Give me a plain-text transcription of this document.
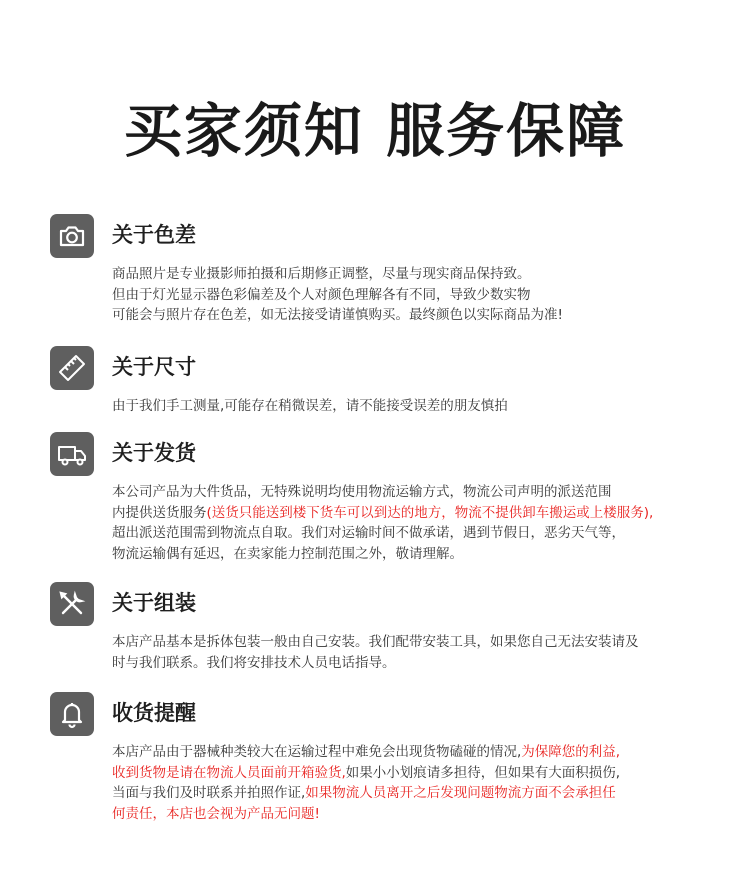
买家须知 服务保障
关于色差
商品照片是专业摄影师拍摄和后期修正调整，尽量与现实商品保持致。
但由于灯光显示器色彩偏差及个人对颜色理解各有不同，导致少数实物
可能会与照片存在色差，如无法接受请谨慎购买。最终颜色以实际商品为准!
关于尺寸
由于我们手工测量,可能存在稍微误差，请不能接受误差的朋友慎拍
关于发货
本公司产品为大件货品，无特殊说明均使用物流运输方式，物流公司声明的派送范围
内提供送货服务(送货只能送到楼下货车可以到达的地方，物流不提供卸车搬运或上楼服务),
超出派送范围需到物流点自取。我们对运输时间不做承诺，遇到节假日，恶劣天气等，
物流运输偶有延迟，在卖家能力控制范围之外，敬请理解。
关于组装
本店产品基本是拆体包装一般由自己安装。我们配带安装工具，如果您自己无法安装请及
时与我们联系。我们将安排技术人员电话指导。
收货提醒
本店产品由于器械种类较大在运输过程中难免会出现货物磕碰的情况,为保障您的利益,
收到货物是请在物流人员面前开箱验货,如果小小划痕请多担待，但如果有大面积损伤,
当面与我们及时联系并拍照作证,如果物流人员离开之后发现问题物流方面不会承担任
何责任，本店也会视为产品无问题!
